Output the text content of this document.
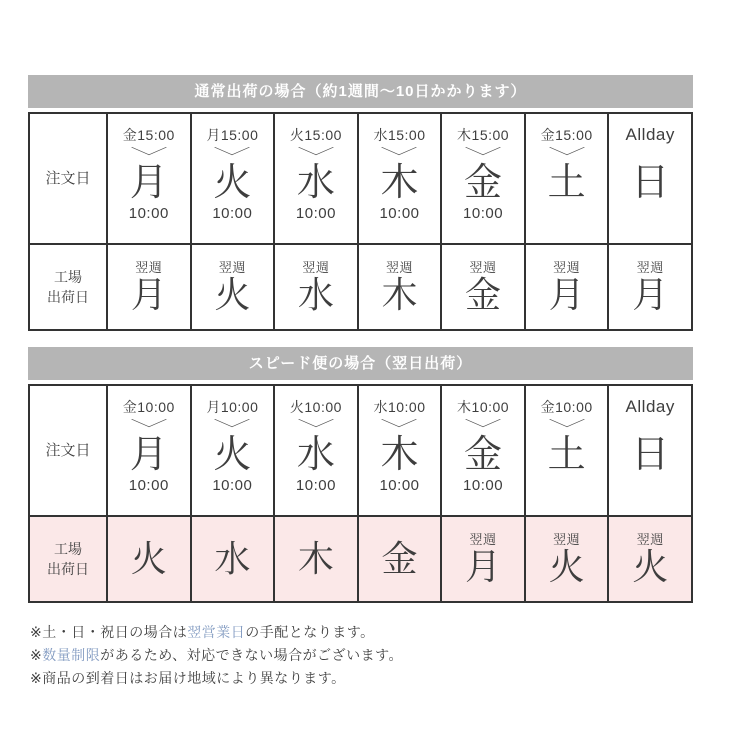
通常出荷の場合（約1週間〜10日かかります）
注文日
金15:00
月
10:00
月15:00
火
10:00
火15:00
水
10:00
水15:00
木
10:00
木15:00
金
10:00
金15:00
土
Allday
日
工場
出荷日
翌週
月
翌週
火
翌週
水
翌週
木
翌週
金
翌週
月
翌週
月
スピード便の場合（翌日出荷）
注文日
金10:00
月
10:00
月10:00
火
10:00
火10:00
水
10:00
水10:00
木
10:00
木10:00
金
10:00
金10:00
土
Allday
日
工場
出荷日 火 水 木 金	翌週
月
翌週
火
翌週
火
※土・日・祝日の場合は翌営業日の手配となります。
※数量制限があるため、対応できない場合がございます。
※商品の到着日はお届け地域により異なります。
